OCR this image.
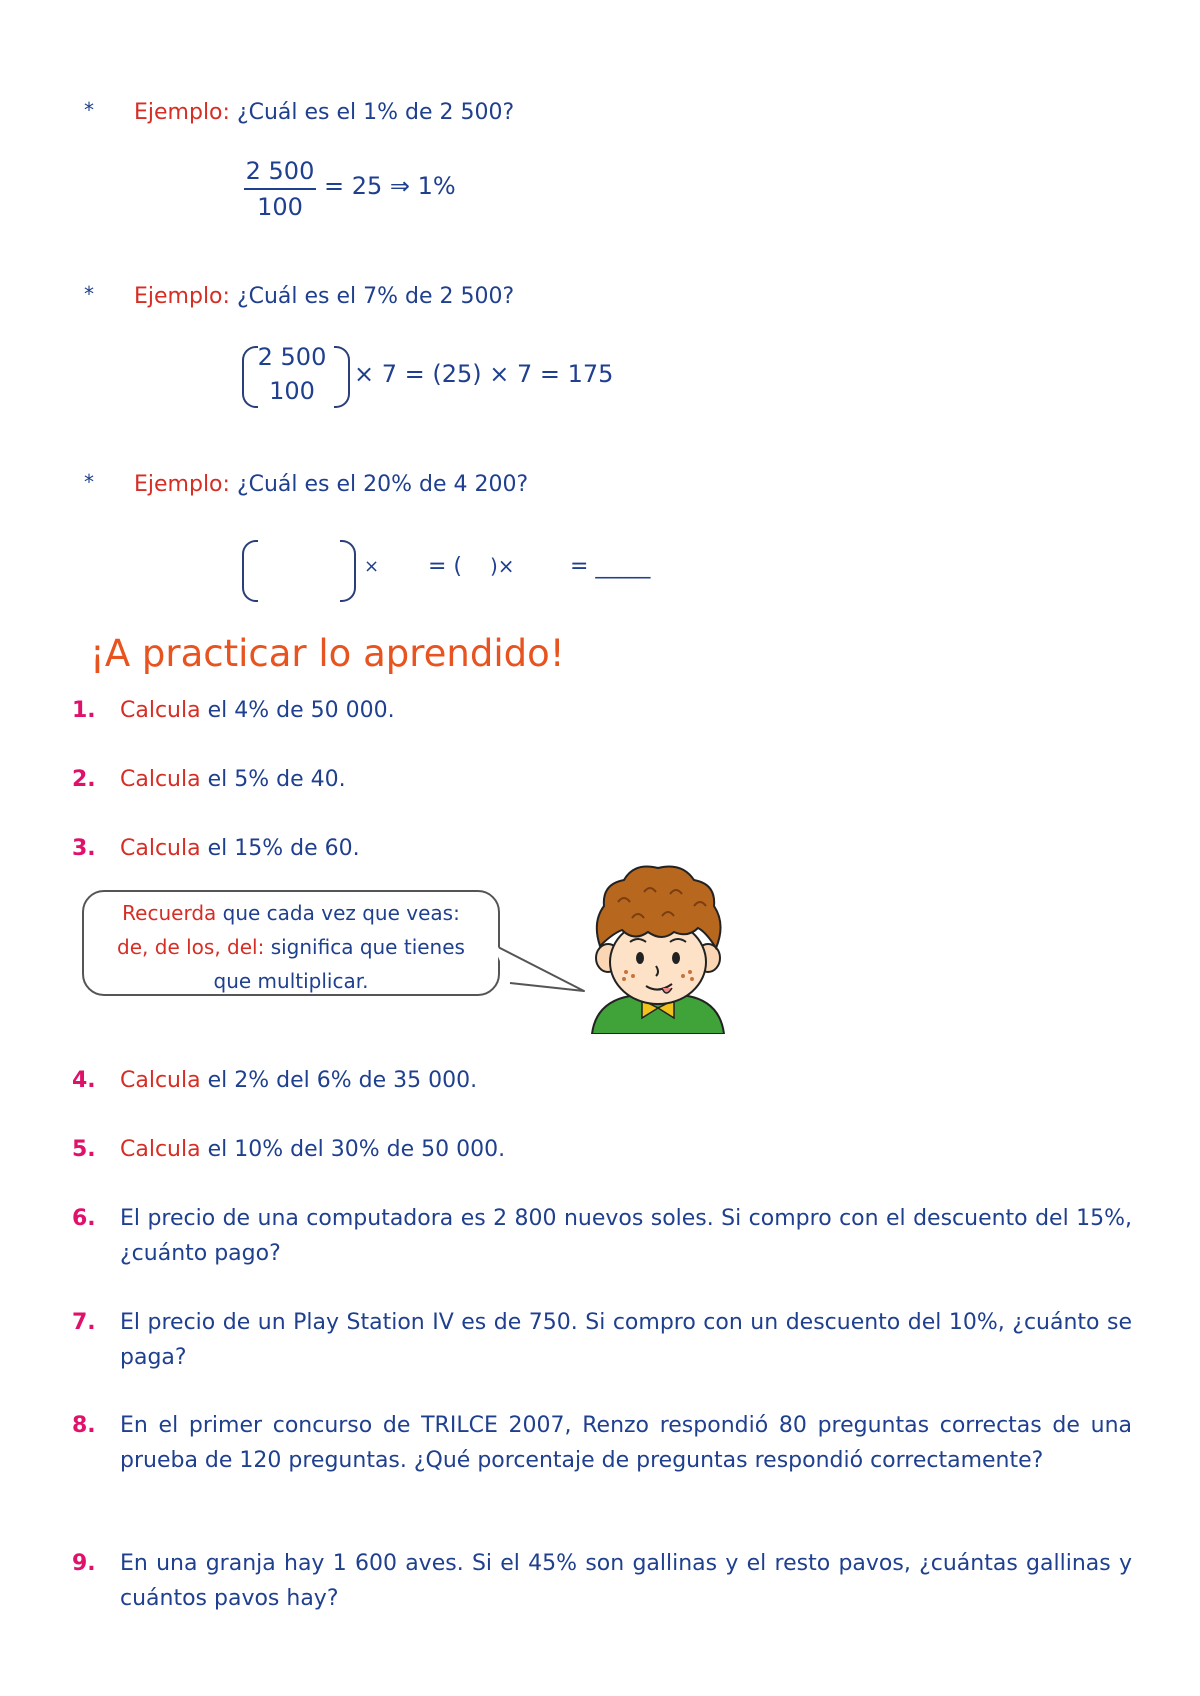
* Ejemplo: ¿Cuál es el 1% de 2 500?
2 500
100
= 25 ⇒ 1%
* Ejemplo: ¿Cuál es el 7% de 2 500?
2 500
100
× 7 = (25) × 7 = 175
* Ejemplo: ¿Cuál es el 20% de 4 200?
× = ( )×	= _____
¡A practicar lo aprendido!
1. Calcula el 4% de 50 000.
2. Calcula el 5% de 40.
3. Calcula el 15% de 60.
Recuerda que cada vez que veas:
de, de los, del: significa que tienes
que multiplicar.
4. Calcula el 2% del 6% de 35 000.
5. Calcula el 10% del 30% de 50 000.
6. El precio de una computadora es 2 800 nuevos soles. Si compro con el descuento del 15%, ¿cuánto pago?
7. El precio de un Play Station IV es de 750. Si compro con un descuento del 10%, ¿cuánto se paga?
8. En el primer concurso de TRILCE 2007, Renzo respondió 80 preguntas correctas de una prueba de 120 preguntas. ¿Qué porcentaje de preguntas respondió correctamente?
9. En una granja hay 1 600 aves. Si el 45% son gallinas y el resto pavos, ¿cuántas gallinas y cuántos pavos hay?
